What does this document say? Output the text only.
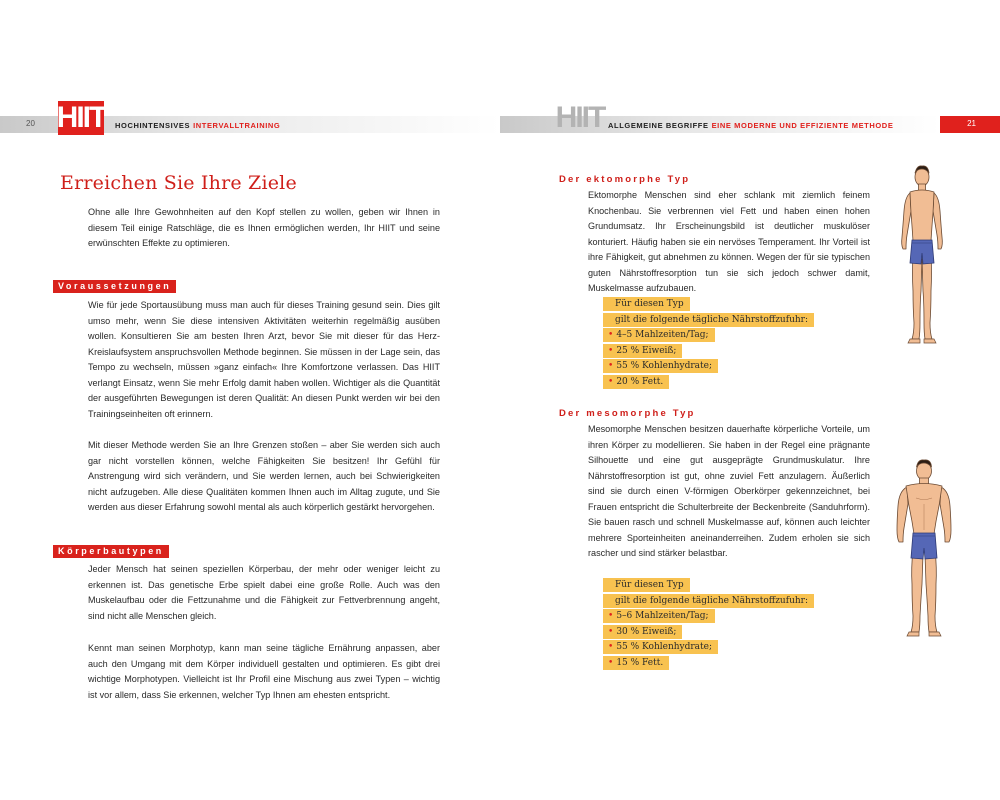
20 HIIT HOCHINTENSIVES INTERVALLTRAINING
Erreichen Sie Ihre Ziele

Ohne alle Ihre Gewohnheiten auf den Kopf stellen zu wollen, geben wir Ihnen in diesem Teil einige Ratschläge, die es Ihnen ermöglichen werden, Ihr HIIT und seine erwünschten Effekte zu optimieren.

Voraussetzungen

Wie für jede Sportausübung muss man auch für dieses Training gesund sein. Dies gilt umso mehr, wenn Sie diese intensiven Aktivitäten weiterhin regelmäßig ausüben wollen. Konsultieren Sie am besten Ihren Arzt, bevor Sie mit dieser für das Herz-Kreislaufsystem anspruchsvollen Methode beginnen. Sie müssen in der Lage sein, das Tempo zu wechseln, müssen »ganz einfach« Ihre Komfortzone verlassen. Das HIIT verlangt Einsatz, wenn Sie mehr Erfolg damit haben wollen. Wichtiger als die Quantität der ausgeführten Bewegungen ist deren Qualität: An diesen Punkt werden wir bei den Trainingseinheiten oft erinnern.

Mit dieser Methode werden Sie an Ihre Grenzen stoßen – aber Sie werden sich auch gar nicht vorstellen können, welche Fähigkeiten Sie besitzen! Ihr Gefühl für Anstrengung wird sich verändern, und Sie werden lernen, auch bei Schwierigkeiten nicht aufzugeben. Alle diese Qualitäten kommen Ihnen auch im Alltag zugute, und Sie werden aus dieser Erfahrung sowohl mental als auch körperlich gestärkt hervorgehen.

Körperbautypen

Jeder Mensch hat seinen speziellen Körperbau, der mehr oder weniger leicht zu erkennen ist. Das genetische Erbe spielt dabei eine große Rolle. Auch was den Muskelaufbau oder die Fettzunahme und die Fähigkeit zur Fettverbrennung angeht, sind nicht alle Menschen gleich.

Kennt man seinen Morphotyp, kann man seine tägliche Ernährung anpassen, aber auch den Umgang mit dem Körper individuell gestalten und optimieren. Es gibt drei wichtige Morphotypen. Vielleicht ist Ihr Profil eine Mischung aus zwei Typen – wichtig ist vor allem, dass Sie erkennen, welcher Typ Ihnen am ehesten entspricht.

HIIT ALLGEMEINE BEGRIFFE EINE MODERNE UND EFFIZIENTE METHODE	21
Der ektomorphe Typ

Ektomorphe Menschen sind eher schlank mit ziemlich feinem Knochenbau. Sie verbrennen viel Fett und haben einen hohen Grundumsatz. Ihr Erscheinungsbild ist deutlicher muskulöser konturiert. Häufig haben sie ein nervöses Temperament. Ihr Vorteil ist ihre Fähigkeit, gut abnehmen zu können. Wegen der für sie typischen guten Nährstoffresorption tun sie sich jedoch schwer damit, Muskelmasse aufzubauen.

Für diesen Typ
gilt die folgende tägliche Nährstoffzufuhr:
• 4–5 Mahlzeiten/Tag;
• 25 % Eiweiß;
• 55 % Kohlenhydrate;
• 20 % Fett.
Der mesomorphe Typ

Mesomorphe Menschen besitzen dauerhafte körperliche Vorteile, um ihren Körper zu modellieren. Sie haben in der Regel eine prägnante Silhouette und eine gut ausgeprägte Grundmuskulatur. Ihre Nährstoffresorption ist gut, ohne zuviel Fett anzulagern. Äußerlich sind sie durch einen V-förmigen Oberkörper gekennzeichnet, bei Frauen entspricht die Schulterbreite der Beckenbreite (Sanduhrform). Sie bauen rasch und schnell Muskelmasse auf, können auch leichter mehrere Sporteinheiten aneinanderreihen. Zudem erholen sie sich rascher und sind stärker belastbar.

Für diesen Typ
gilt die folgende tägliche Nährstoffzufuhr:
• 5–6 Mahlzeiten/Tag;
• 30 % Eiweiß;
• 55 % Kohlenhydrate;
• 15 % Fett.
